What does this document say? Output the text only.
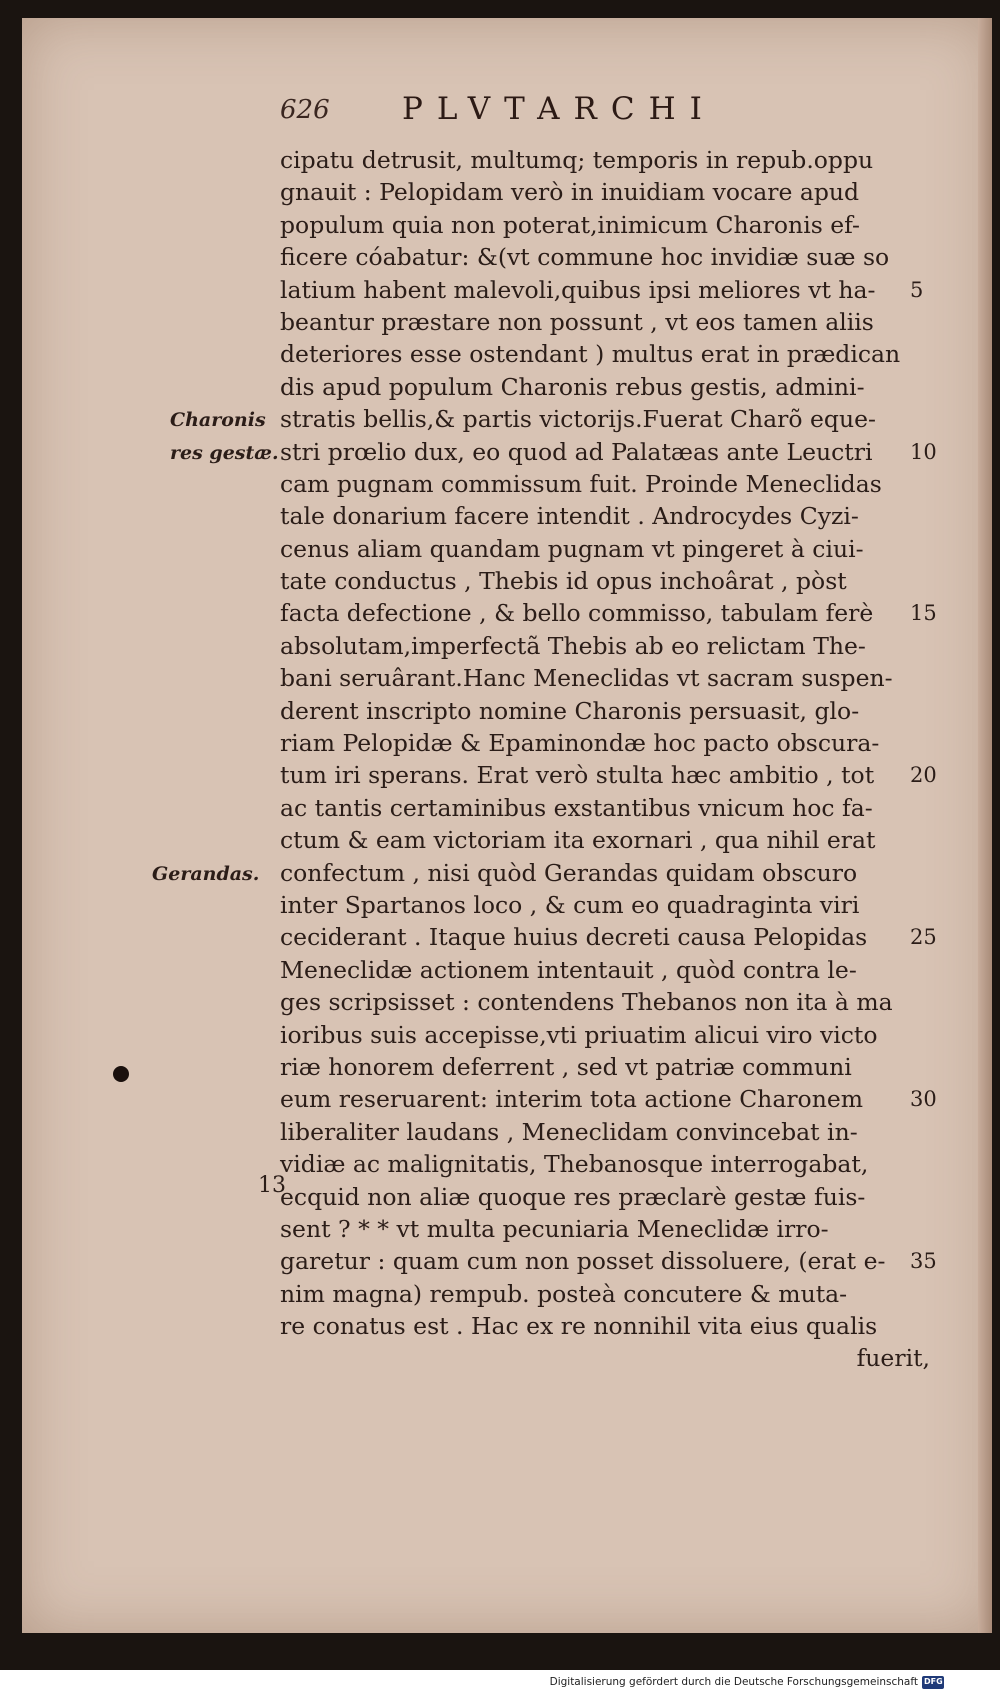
626 PLVTARCHI
cipatu detrusit, multumq; temporis in repub.oppu
gnauit : Pelopidam verò in inuidiam vocare apud
populum quia non poterat,inimicum Charonis ef-
ficere cóabatur: &(vt commune hoc invidiæ suæ so
latium habent malevoli,quibus ipsi meliores vt ha- 5
beantur præstare non possunt , vt eos tamen aliis
deteriores esse ostendant ) multus erat in prædican
dis apud populum Charonis rebus gestis, admini-
stratis bellis,& partis victorijs.Fuerat Charõ eque-
stri prœlio dux, eo quod ad Palatæas ante Leuctri 10
cam pugnam commissum fuit. Proinde Meneclidas
tale donarium facere intendit . Androcydes Cyzi-
cenus aliam quandam pugnam vt pingeret à ciui-
tate conductus , Thebis id opus inchoârat , pòst
facta defectione , & bello commisso, tabulam ferè 15
absolutam,imperfectã Thebis ab eo relictam The-
bani seruârant.Hanc Meneclidas vt sacram suspen-
derent inscripto nomine Charonis persuasit, glo-
riam Pelopidæ & Epaminondæ hoc pacto obscura-
tum iri sperans. Erat verò stulta hæc ambitio , tot 20
ac tantis certaminibus exstantibus vnicum hoc fa-
ctum & eam victoriam ita exornari , qua nihil erat
confectum , nisi quòd Gerandas quidam obscuro
inter Spartanos loco , & cum eo quadraginta viri
ceciderant . Itaque huius decreti causa Pelopidas 25
Meneclidæ actionem intentauit , quòd contra le-
ges scripsisset : contendens Thebanos non ita à ma
ioribus suis accepisse,vti priuatim alicui viro victo
riæ honorem deferrent , sed vt patriæ communi
eum reseruarent: interim tota actione Charonem 30
liberaliter laudans , Meneclidam convincebat in-
vidiæ ac malignitatis, Thebanosque interrogabat,
ecquid non aliæ quoque res præclarè gestæ fuis-
sent ? * * vt multa pecuniaria Meneclidæ irro-
garetur : quam cum non posset dissoluere, (erat e- 35
nim magna) rempub. posteà concutere & muta-
re conatus est . Hac ex re nonnihil vita eius qualis
fuerit,
Charonis
res gestæ.
Gerandas.
13
Digitalisierung gefördert durch die Deutsche Forschungsgemeinschaft DFG
